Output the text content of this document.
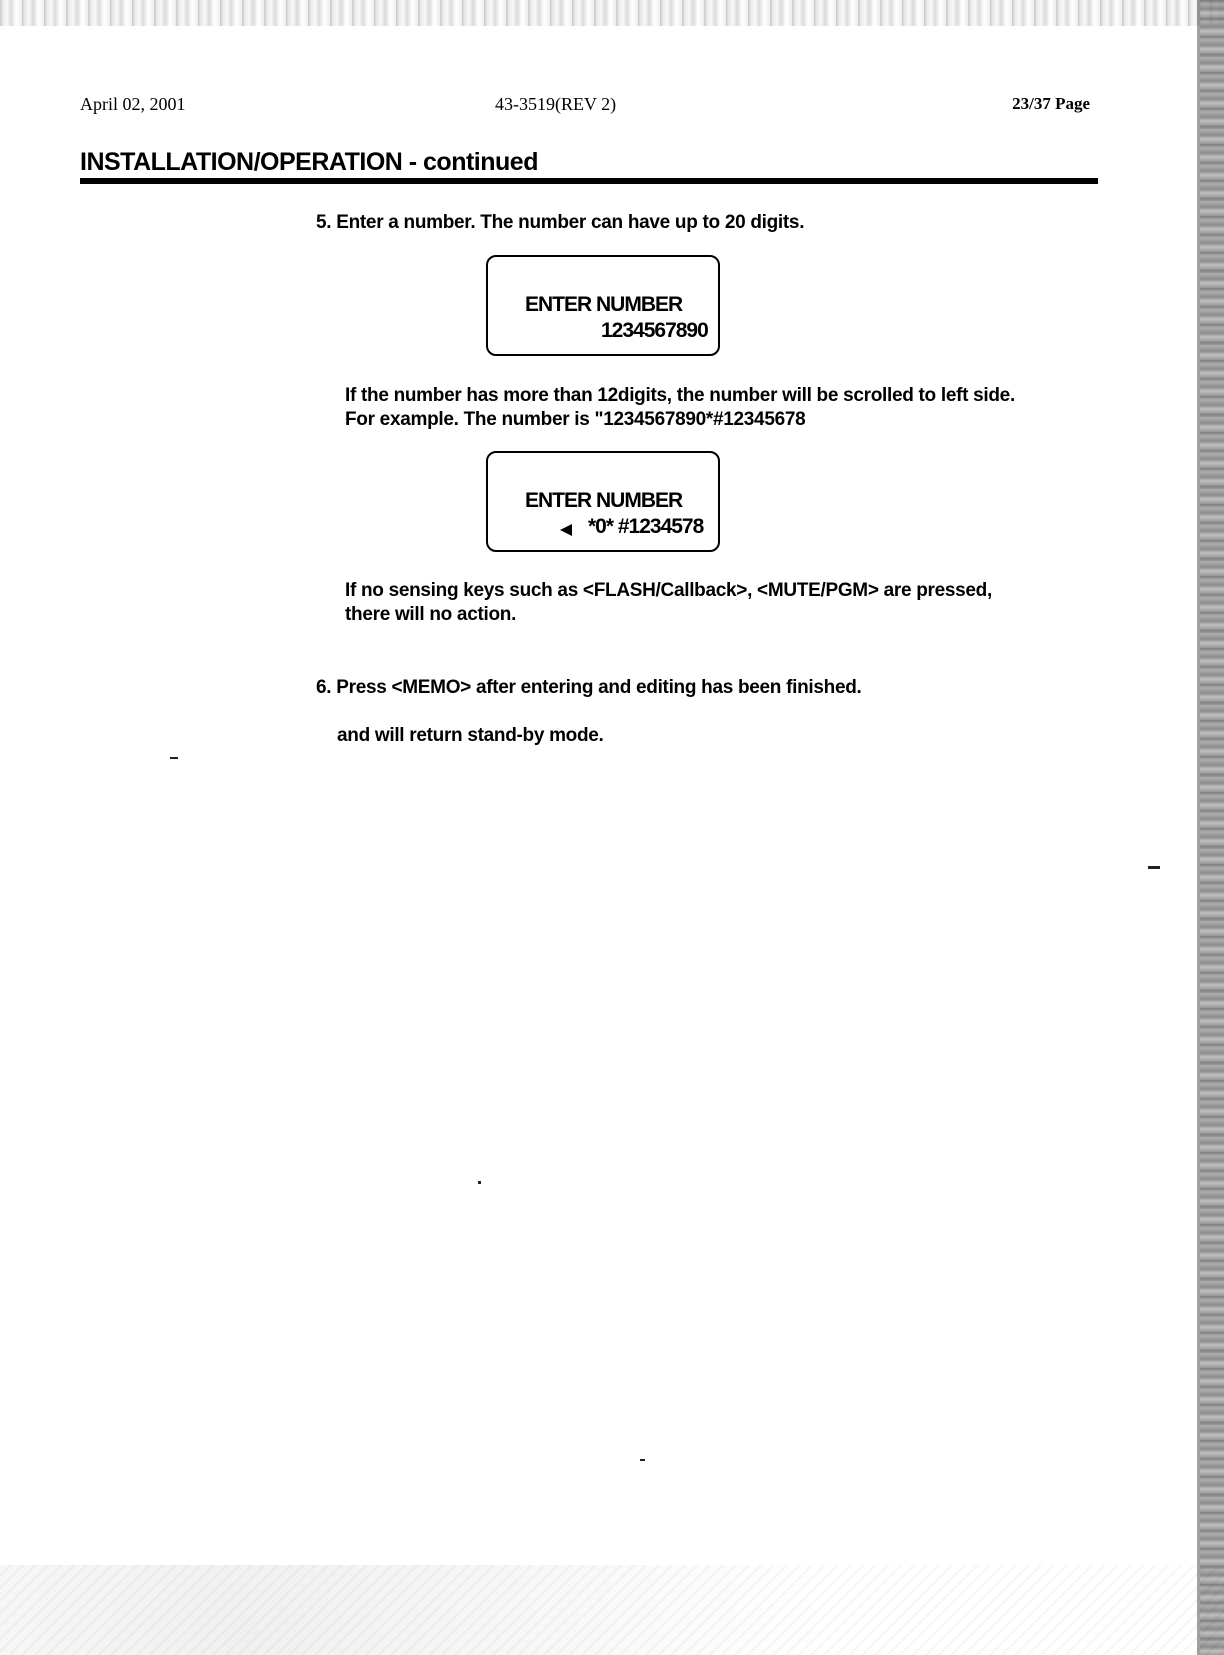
April 02, 2001	43-3519(REV 2)	23/37 Page
INSTALLATION/OPERATION - continued
5. Enter a number. The number can have up to 20 digits.
ENTER NUMBER
1234567890
If the number has more than 12digits, the number will be scrolled to left side.
For example. The number is "1234567890*#12345678
ENTER NUMBER
*0* #1234578
If no sensing keys such as <FLASH/Callback>, <MUTE/PGM> are pressed,
there will no action.
6. Press <MEMO> after entering and editing has been finished.
and will return stand-by mode.
